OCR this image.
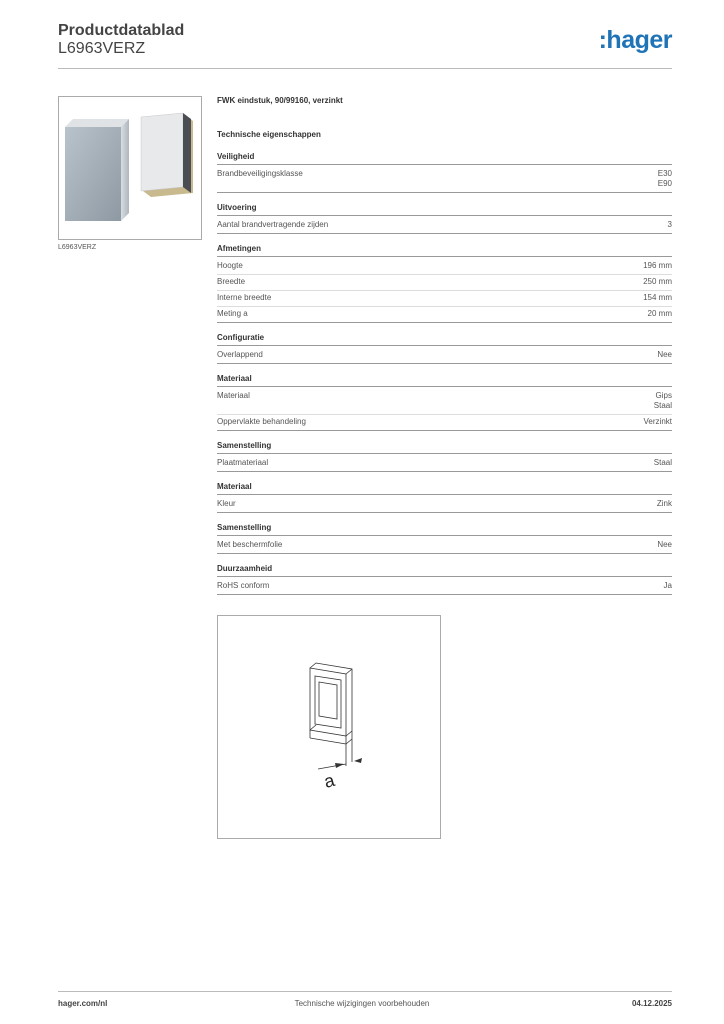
Productdatablad
L6963VERZ	:hager
L6963VERZ
FWK eindstuk, 90/99160, verzinkt
Technische eigenschappen
Veiligheid
Brandbeveiligingsklasse	E30
E90
Uitvoering
Aantal brandvertragende zijden	3
Afmetingen
Hoogte	196 mm
Breedte	250 mm
Interne breedte	154 mm
Meting a	20 mm
Configuratie
Overlappend	Nee
Materiaal
Materiaal	Gips
Staal
Oppervlakte behandeling	Verzinkt
Samenstelling
Plaatmateriaal	Staal
Materiaal
Kleur	Zink
Samenstelling
Met beschermfolie	Nee
Duurzaamheid
RoHS conform	Ja
a
hager.com/nl	Technische wijzigingen voorbehouden	04.12.2025
